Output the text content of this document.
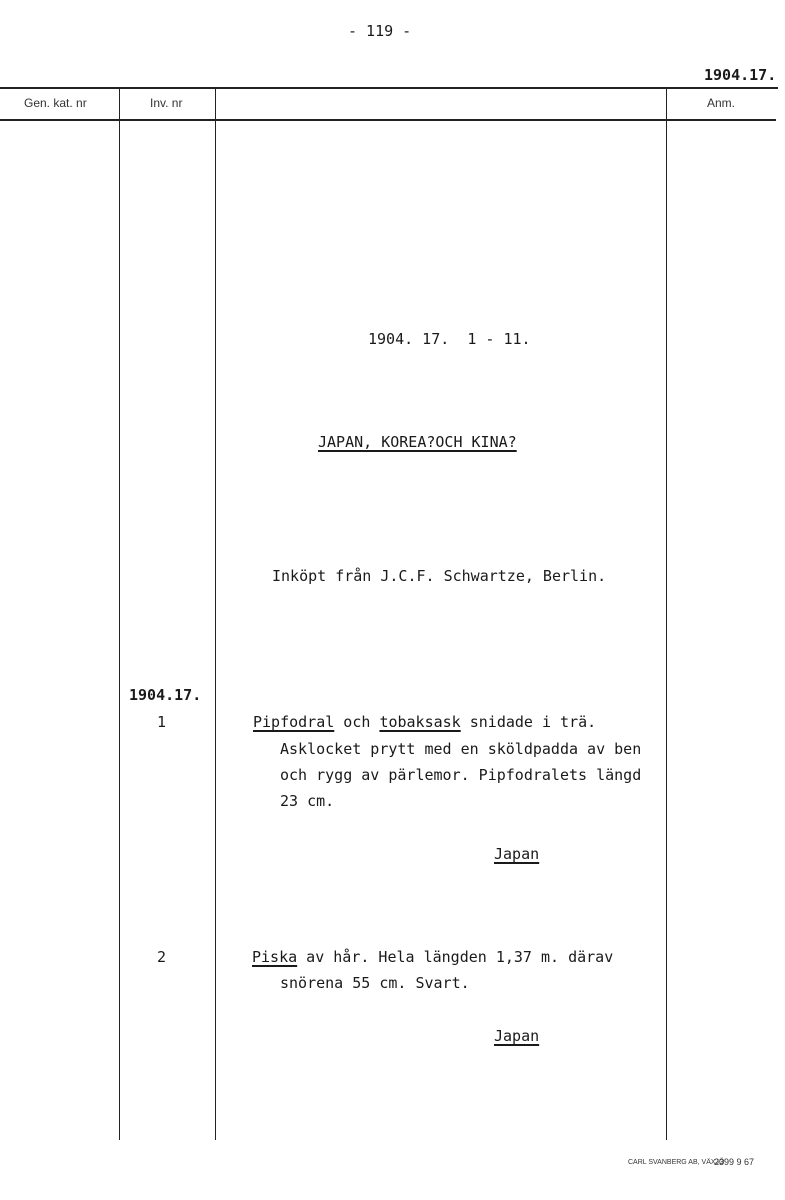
- 119 -
1904.17.
Gen. kat. nr	Inv. nr	Anm.
1904. 17.  1 - 11.
JAPAN, KOREA?OCH KINA?
Inköpt från J.C.F. Schwartze, Berlin.
1904.17.
1	Pipfodral och tobaksask snidade i trä.
Asklocket prytt med en sköldpadda av ben
och rygg av pärlemor. Pipfodralets längd
23 cm.
Japan
2	Piska av hår. Hela längden 1,37 m. därav
snörena 55 cm. Svart.
Japan
CARL SVANBERG AB, VÄXJÖ
2399 9 67
